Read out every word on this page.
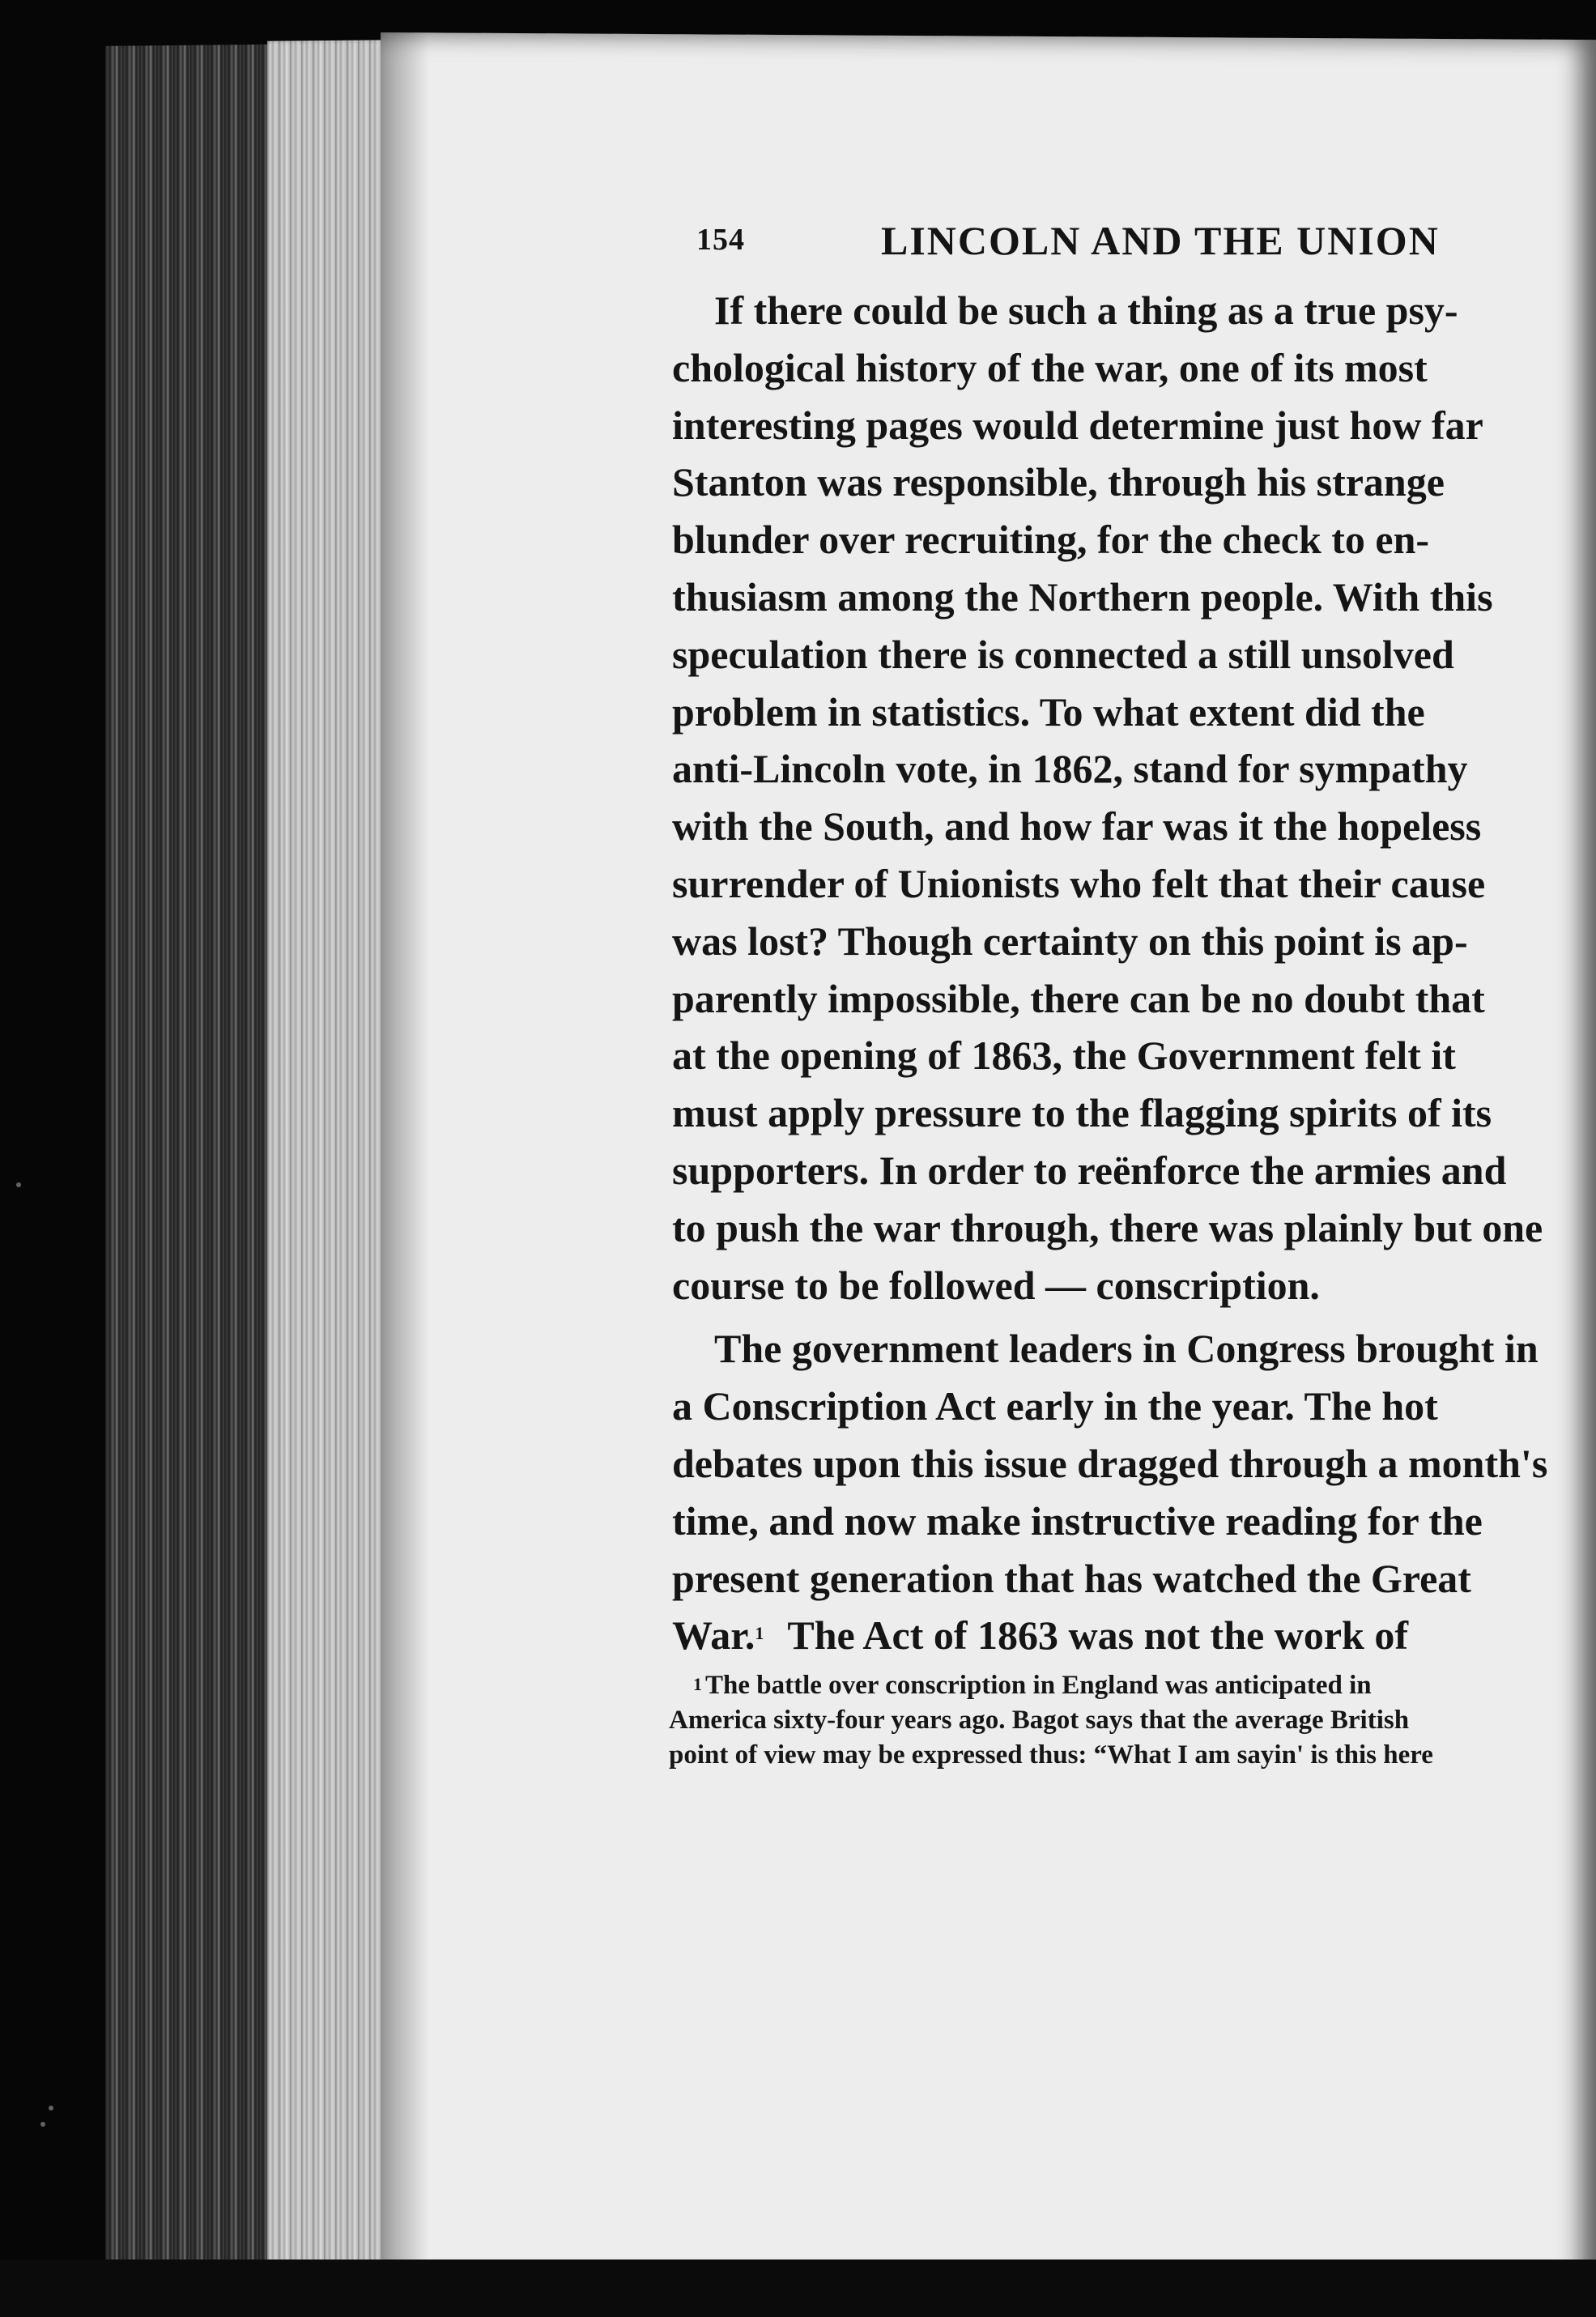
154	LINCOLN AND THE UNION
If there could be such a thing as a true psy-
chological history of the war, one of its most
interesting pages would determine just how far
Stanton was responsible, through his strange
blunder over recruiting, for the check to en-
thusiasm among the Northern people. With this
speculation there is connected a still unsolved
problem in statistics. To what extent did the
anti-Lincoln vote, in 1862, stand for sympathy
with the South, and how far was it the hopeless
surrender of Unionists who felt that their cause
was lost? Though certainty on this point is ap-
parently impossible, there can be no doubt that
at the opening of 1863, the Government felt it
must apply pressure to the flagging spirits of its
supporters. In order to reënforce the armies and
to push the war through, there was plainly but one
course to be followed — conscription.
The government leaders in Congress brought in
a Conscription Act early in the year. The hot
debates upon this issue dragged through a month's
time, and now make instructive reading for the
present generation that has watched the Great
War.$^1$ The Act of 1863 was not the work of
$^1$ The battle over conscription in England was anticipated in
America sixty-four years ago. Bagot says that the average British
point of view may be expressed thus: “What I am sayin' is this here
